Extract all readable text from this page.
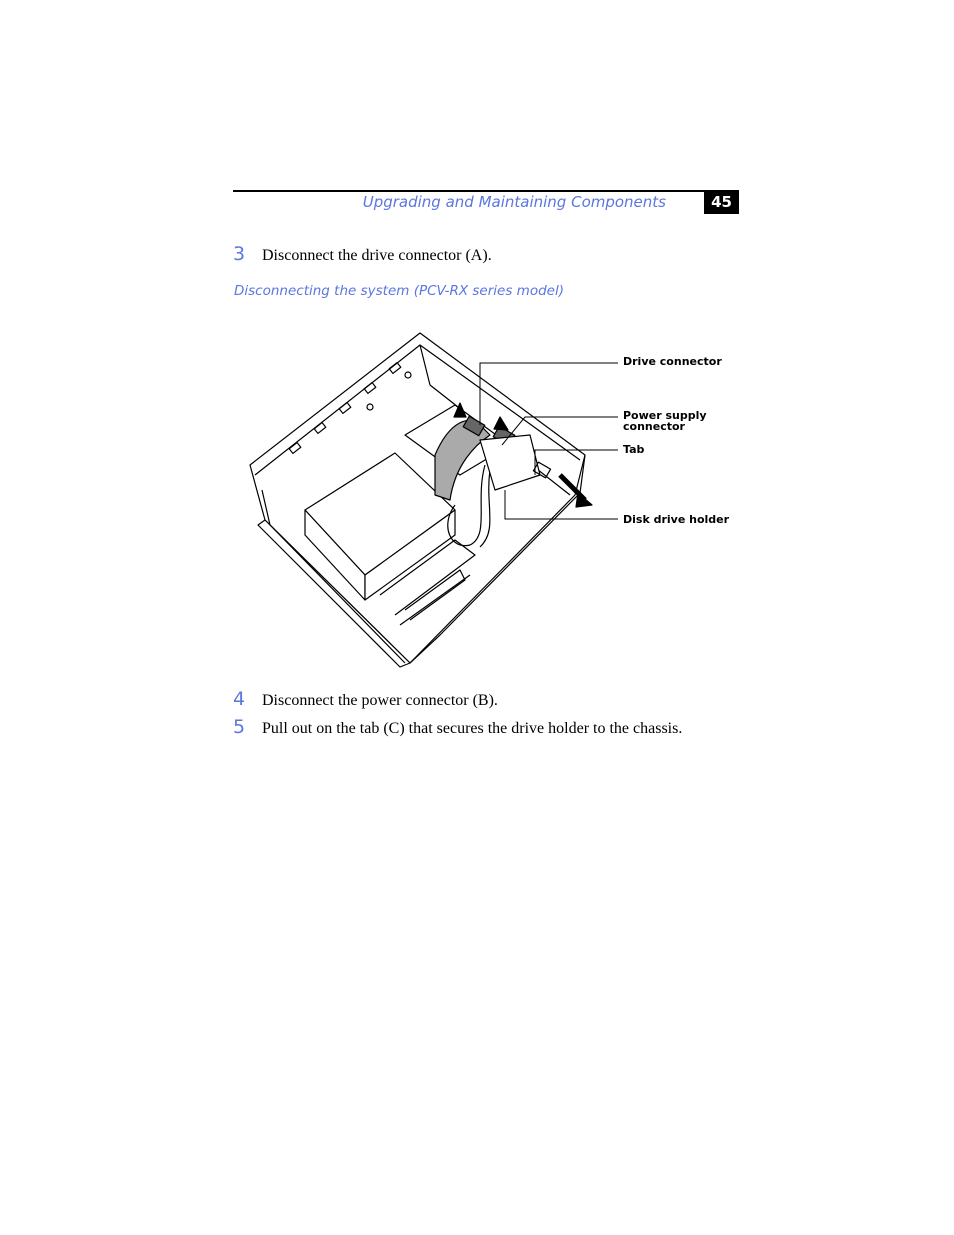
Upgrading and Maintaining Components	45
3 Disconnect the drive connector (A).
Disconnecting the system (PCV-RX series model)
Drive connector
Power supply
connector
Tab
Disk drive holder
4 Disconnect the power connector (B).
5 Pull out on the tab (C) that secures the drive holder to the chassis.
